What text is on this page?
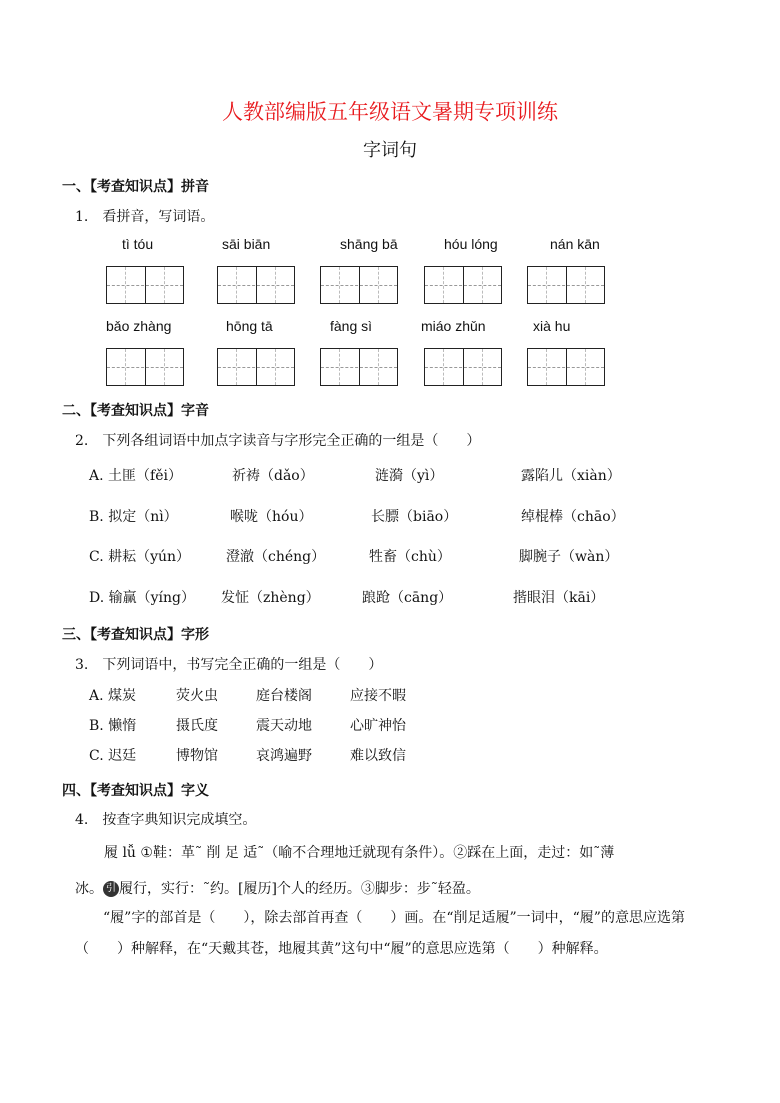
人教部编版五年级语文暑期专项训练
字词句
一、【考查知识点】拼音
1.　看拼音，写词语。
tì tóu	sāi biān	shāng bā	hóu lóng	nán kān
bǎo zhàng	hōng tā	fàng sì	miáo zhǔn	xià hu
二、【考查知识点】字音
2.　下列各组词语中加点字读音与字形完全正确的一组是（　　）
A. 土匪（fěi）	祈祷（dǎo）	涟漪（yì）	露陷儿（xiàn）
B. 拟定（nì）	喉咙（hóu）	长膘（biāo）	绰棍棒（chāo）
C. 耕耘（yún）	澄澈（chéng）	牲畜（chù）	脚腕子（wàn）
D. 输赢（yíng） 发怔（zhèng）	踉跄（cāng）	揩眼泪（kāi）
三、【考查知识点】字形
3.　下列词语中，书写完全正确的一组是（　　）
A. 煤炭	荧火虫	庭台楼阁	应接不暇
B. 懒惰	摄氏度	震天动地	心旷神怡
C. 迟廷	博物馆	哀鸿遍野	难以致信
四、【考查知识点】字义
4.　按查字典知识完成填空。
履 lǚ ①鞋：革˜ 削 足 适˜（喻不合理地迁就现有条件）。②踩在上面，走过：如˜薄
冰。 引 履行，实行：˜约。[履历]个人的经历。③脚步：步˜轻盈。
“履”字的部首是（　　），除去部首再查（　　）画。在“削足适履”一词中，“履”的意思应选第（　　）种解释，在“天戴其苍，地履其黄”这句中“履”的意思应选第（　　）种解释。
